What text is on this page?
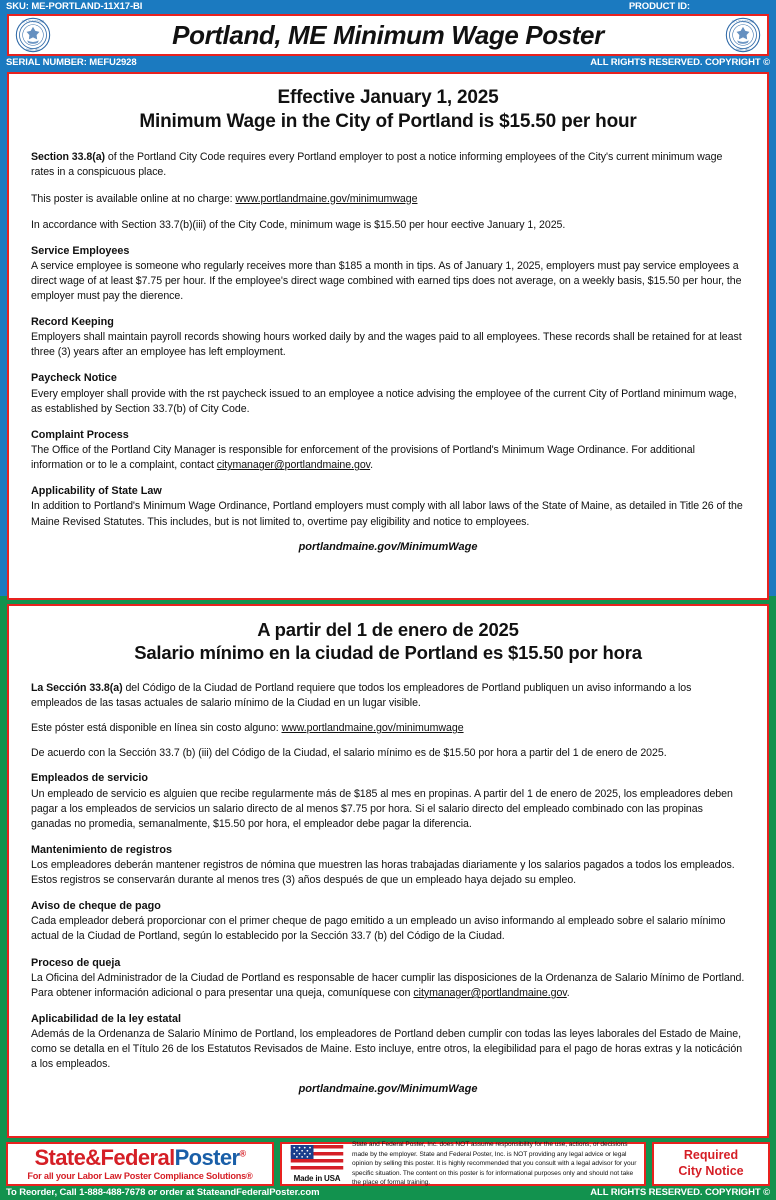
SKU: ME-PORTLAND-11X17-BI	PRODUCT ID:
CITY OF PORTLAND
MAINE 1832
Portland, ME Minimum Wage Poster	CITY OF PORTLAND
MAINE 1832
SERIAL NUMBER: MEFU2928	ALL RIGHTS RESERVED. COPYRIGHT ©
Effective January 1, 2025
Minimum Wage in the City of Portland is $15.50 per hour

Section 33.8(a) of the Portland City Code requires every Portland employer to post a notice informing employees of the City's current minimum wage rates in a conspicuous place.

This poster is available online at no charge: www.portlandmaine.gov/minimumwage

In accordance with Section 33.7(b)(iii) of the City Code, minimum wage is $15.50 per hour eective January 1, 2025.

Service Employees
A service employee is someone who regularly receives more than $185 a month in tips. As of January 1, 2025, employers must pay service employees a direct wage of at least $7.75 per hour. If the employee's direct wage combined with earned tips does not average, on a weekly basis, $15.50 per hour, the employer must pay the dierence.
Record Keeping
Employers shall maintain payroll records showing hours worked daily by and the wages paid to all employees. These records shall be retained for at least three (3) years after an employee has left employment.
Paycheck Notice
Every employer shall provide with the rst paycheck issued to an employee a notice advising the employee of the current City of Portland minimum wage, as established by Section 33.7(b) of City Code.
Complaint Process
The Office of the Portland City Manager is responsible for enforcement of the provisions of Portland's Minimum Wage Ordinance. For additional information or to le a complaint, contact citymanager@portlandmaine.gov.
Applicability of State Law
In addition to Portland's Minimum Wage Ordinance, Portland employers must comply with all labor laws of the State of Maine, as detailed in Title 26 of the Maine Revised Statutes. This includes, but is not limited to, overtime pay eligibility and notice to employees.
portlandmaine.gov/MinimumWage
A partir del 1 de enero de 2025
Salario mínimo en la ciudad de Portland es $15.50 por hora

La Sección 33.8(a) del Código de la Ciudad de Portland requiere que todos los empleadores de Portland publiquen un aviso informando a los empleados de las tasas actuales de salario mínimo de la Ciudad en un lugar visible.

Este póster está disponible en línea sin costo alguno: www.portlandmaine.gov/minimumwage

De acuerdo con la Sección 33.7 (b) (iii) del Código de la Ciudad, el salario mínimo es de $15.50 por hora a partir del 1 de enero de 2025.

Empleados de servicio
Un empleado de servicio es alguien que recibe regularmente más de $185 al mes en propinas. A partir del 1 de enero de 2025, los empleadores deben pagar a los empleados de servicios un salario directo de al menos $7.75 por hora. Si el salario directo del empleado combinado con las propinas ganadas no promedia, semanalmente, $15.50 por hora, el empleador debe pagar la diferencia.
Mantenimiento de registros
Los empleadores deberán mantener registros de nómina que muestren las horas trabajadas diariamente y los salarios pagados a todos los empleados. Estos registros se conservarán durante al menos tres (3) años después de que un empleado haya dejado su empleo.
Aviso de cheque de pago
Cada empleador deberá proporcionar con el primer cheque de pago emitido a un empleado un aviso informando al empleado sobre el salario mínimo actual de la Ciudad de Portland, según lo establecido por la Sección 33.7 (b) del Código de la Ciudad.
Proceso de queja
La Oficina del Administrador de la Ciudad de Portland es responsable de hacer cumplir las disposiciones de la Ordenanza de Salario Mínimo de Portland. Para obtener información adicional o para presentar una queja, comuníquese con citymanager@portlandmaine.gov.
Aplicabilidad de la ley estatal
Además de la Ordenanza de Salario Mínimo de Portland, los empleadores de Portland deben cumplir con todas las leyes laborales del Estado de Maine, como se detalla en el Título 26 de los Estatutos Revisados de Maine. Esto incluye, entre otros, la elegibilidad para el pago de horas extras y la noticáción a los empleados.
portlandmaine.gov/MinimumWage
State&FederalPoster®
For all your Labor Law Poster Compliance Solutions®	Made in USA
State and Federal Poster, Inc. does NOT assume responsibility for the use, actions, or decisions made by the employer. State and Federal Poster, Inc. is NOT providing any legal advice or legal opinion by selling this poster. It is highly recommended that you consult with a legal advisor for your specific situation. The content on this poster is for informational purposes only and should not take the place of formal training.
Required
City Notice
To Reorder, Call 1-888-488-7678 or order at StateandFederalPoster.com	ALL RIGHTS RESERVED. COPYRIGHT ©
